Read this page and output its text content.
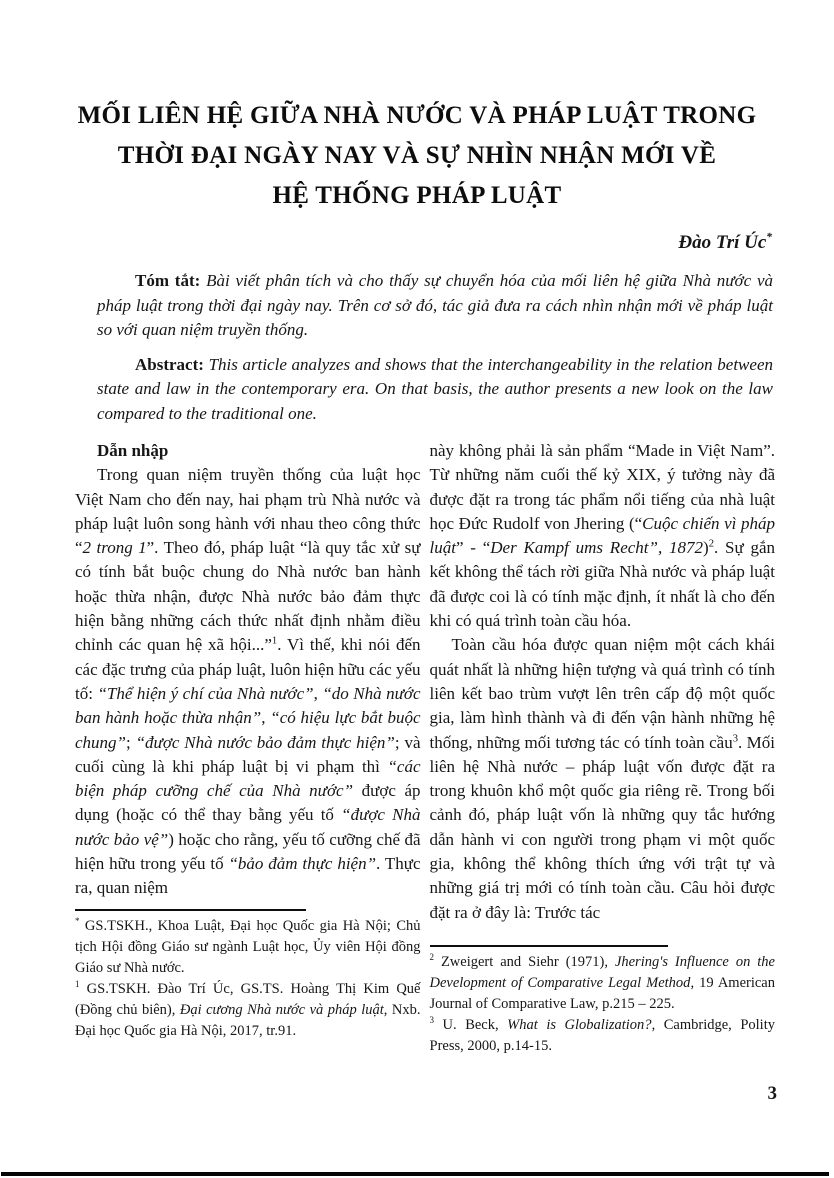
MỐI LIÊN HỆ GIỮA NHÀ NƯỚC VÀ PHÁP LUẬT TRONG
THỜI ĐẠI NGÀY NAY VÀ SỰ NHÌN NHẬN MỚI VỀ
HỆ THỐNG PHÁP LUẬT
Đào Trí Úc*

Tóm tắt: Bài viết phân tích và cho thấy sự chuyển hóa của mối liên hệ giữa Nhà nước và pháp luật trong thời đại ngày nay. Trên cơ sở đó, tác giả đưa ra cách nhìn nhận mới về pháp luật so với quan niệm truyền thống.

Abstract: This article analyzes and shows that the interchangeability in the relation between state and law in the contemporary era. On that basis, the author presents a new look on the law compared to the traditional one.

Dẫn nhập

Trong quan niệm truyền thống của luật học Việt Nam cho đến nay, hai phạm trù Nhà nước và pháp luật luôn song hành với nhau theo công thức “2 trong 1”. Theo đó, pháp luật “là quy tắc xử sự có tính bắt buộc chung do Nhà nước ban hành hoặc thừa nhận, được Nhà nước bảo đảm thực hiện bằng những cách thức nhất định nhằm điều chỉnh các quan hệ xã hội...”$^1$. Vì thế, khi nói đến các đặc trưng của pháp luật, luôn hiện hữu các yếu tố: “Thể hiện ý chí của Nhà nước”, “do Nhà nước ban hành hoặc thừa nhận”, “có hiệu lực bắt buộc chung”; “được Nhà nước bảo đảm thực hiện”; và cuối cùng là khi pháp luật bị vi phạm thì “các biện pháp cưỡng chế của Nhà nước” được áp dụng (hoặc có thể thay bằng yếu tố “được Nhà nước bảo vệ”) hoặc cho rằng, yếu tố cưỡng chế đã hiện hữu trong yếu tố “bảo đảm thực hiện”. Thực ra, quan niệm

* GS.TSKH., Khoa Luật, Đại học Quốc gia Hà Nội; Chủ tịch Hội đồng Giáo sư ngành Luật học, Ủy viên Hội đồng Giáo sư Nhà nước.

$^1$ GS.TSKH. Đào Trí Úc, GS.TS. Hoàng Thị Kim Quế (Đồng chủ biên), Đại cương Nhà nước và pháp luật, Nxb. Đại học Quốc gia Hà Nội, 2017, tr.91.

này không phải là sản phẩm “Made in Việt Nam”. Từ những năm cuối thế kỷ XIX, ý tưởng này đã được đặt ra trong tác phẩm nổi tiếng của nhà luật học Đức Rudolf von Jhering (“Cuộc chiến vì pháp luật” - “Der Kampf ums Recht”, 1872)$^2$. Sự gắn kết không thể tách rời giữa Nhà nước và pháp luật đã được coi là có tính mặc định, ít nhất là cho đến khi có quá trình toàn cầu hóa.

Toàn cầu hóa được quan niệm một cách khái quát nhất là những hiện tượng và quá trình có tính liên kết bao trùm vượt lên trên cấp độ một quốc gia, làm hình thành và đi đến vận hành những hệ thống, những mối tương tác có tính toàn cầu$^3$. Mối liên hệ Nhà nước – pháp luật vốn được đặt ra trong khuôn khổ một quốc gia riêng rẽ. Trong bối cảnh đó, pháp luật vốn là những quy tắc hướng dẫn hành vi con người trong phạm vi một quốc gia, không thể không thích ứng với trật tự và những giá trị mới có tính toàn cầu. Câu hỏi được đặt ra ở đây là: Trước tác

$^2$ Zweigert and Siehr (1971), Jhering's Influence on the Development of Comparative Legal Method, 19 American Journal of Comparative Law, p.215 – 225.

$^3$ U. Beck, What is Globalization?, Cambridge, Polity Press, 2000, p.14-15.

3
